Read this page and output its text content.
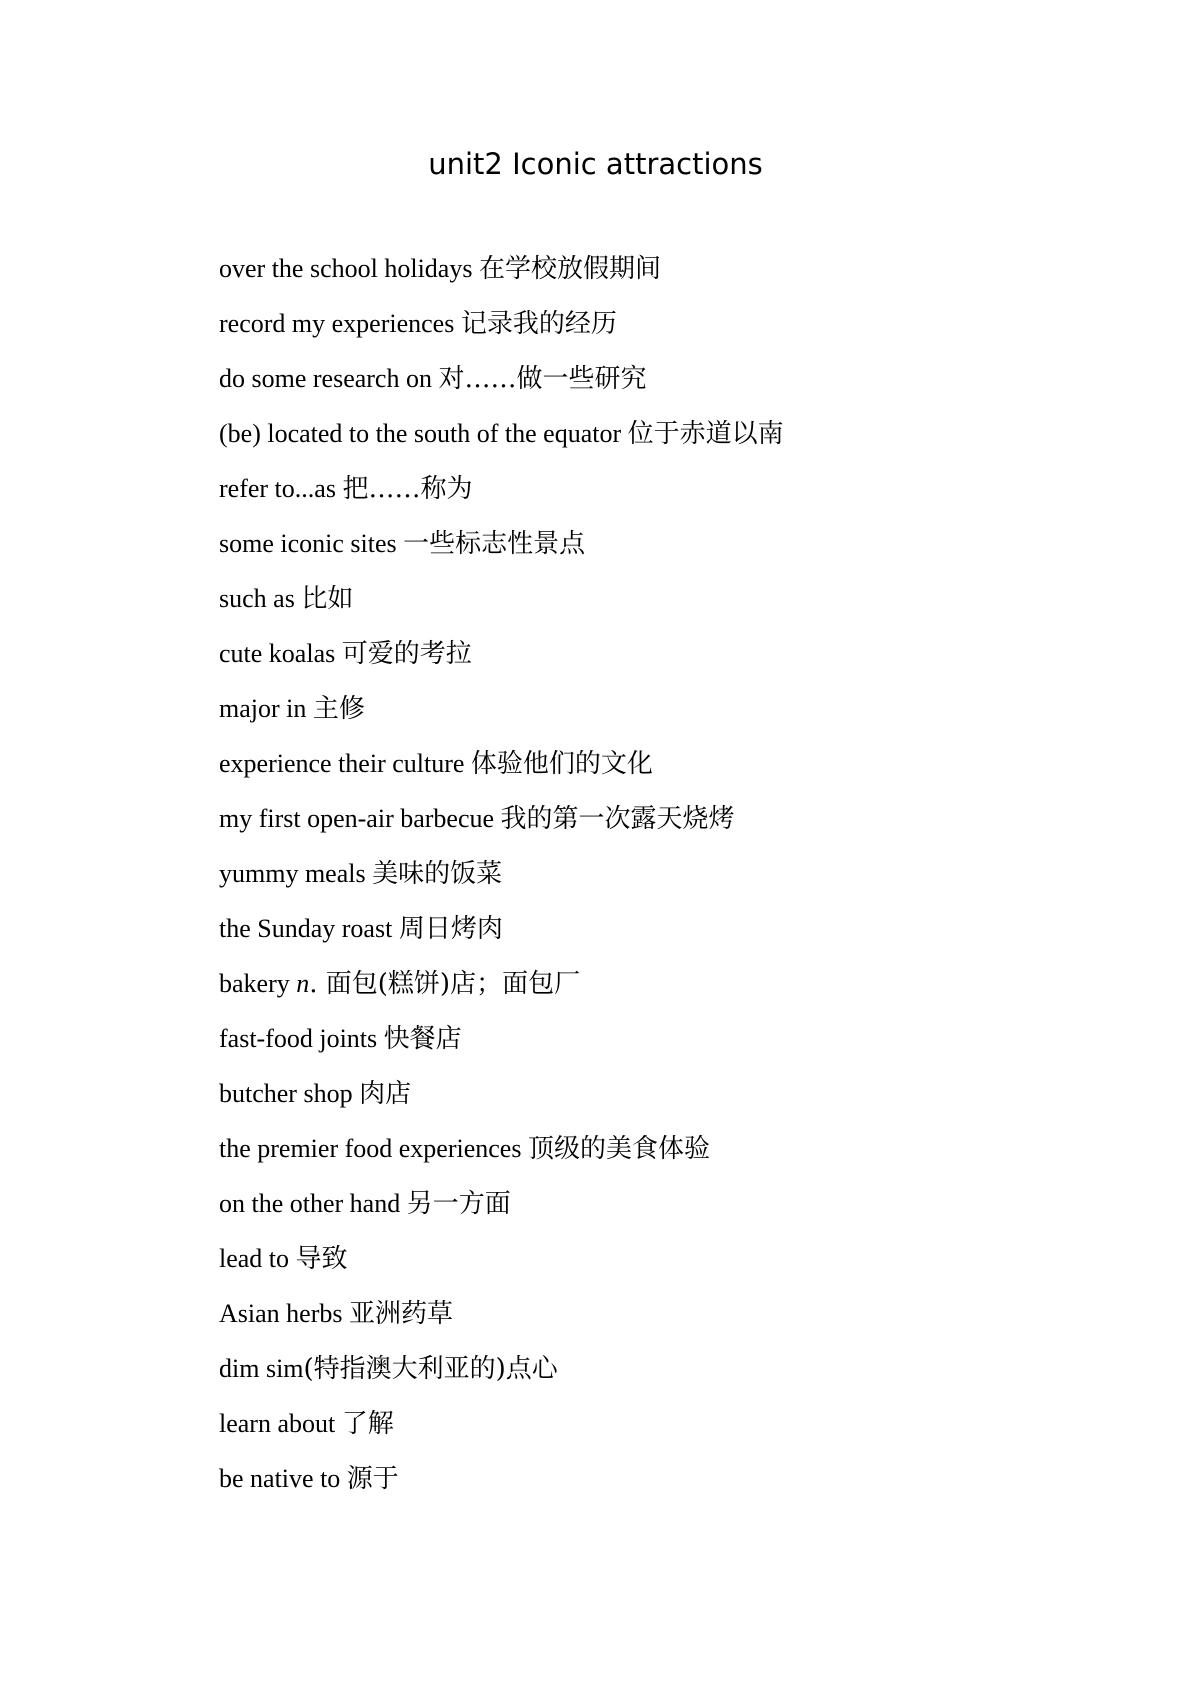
unit2 Iconic attractions
over the school holidays 在学校放假期间
record my experiences 记录我的经历
do some research on 对……做一些研究
(be) located to the south of the equator 位于赤道以南
refer to...as 把……称为
some iconic sites 一些标志性景点
such as 比如
cute koalas 可爱的考拉
major in 主修
experience their culture 体验他们的文化
my first open-air barbecue 我的第一次露天烧烤
yummy meals 美味的饭菜
the Sunday roast 周日烤肉
bakery n. 面包(糕饼)店；面包厂
fast-food joints 快餐店
butcher shop 肉店
the premier food experiences 顶级的美食体验
on the other hand 另一方面
lead to 导致
Asian herbs 亚洲药草
dim sim(特指澳大利亚的)点心
learn about 了解
be native to 源于
